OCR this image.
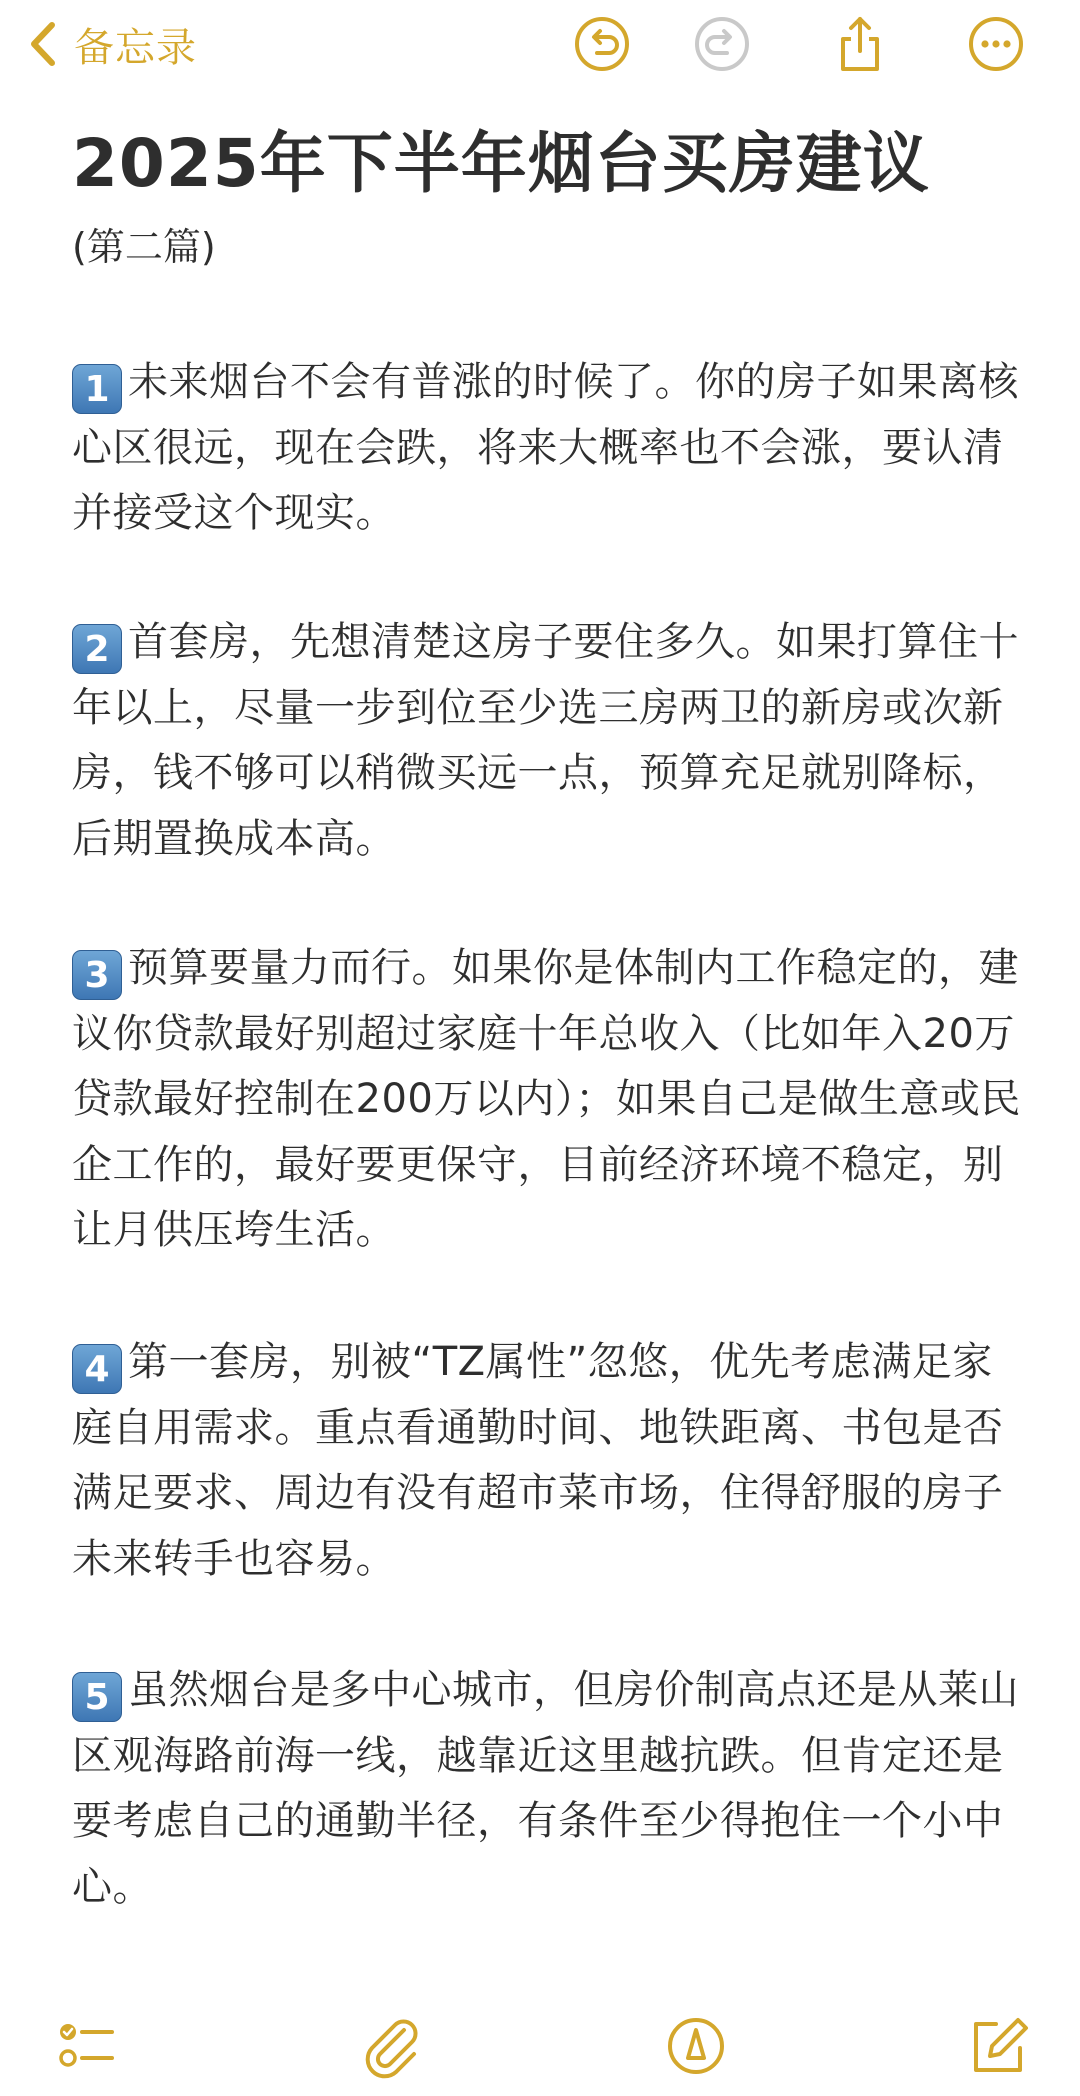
备忘录
2025年下半年烟台买房建议

(第二篇)

1 未来烟台不会有普涨的时候了。你的房子如果离核心区很远，现在会跌，将来大概率也不会涨，要认清并接受这个现实。

2 首套房，先想清楚这房子要住多久。如果打算住十年以上，尽量一步到位至少选三房两卫的新房或次新房，钱不够可以稍微买远一点，预算充足就别降标，后期置换成本高。

3 预算要量力而行。如果你是体制内工作稳定的，建议你贷款最好别超过家庭十年总收入（比如年入20万贷款最好控制在200万以内）；如果自己是做生意或民企工作的，最好要更保守，目前经济环境不稳定，别让月供压垮生活。

4 第一套房，别被“TZ属性”忽悠，优先考虑满足家庭自用需求。重点看通勤时间、地铁距离、书包是否满足要求、周边有没有超市菜市场，住得舒服的房子未来转手也容易。

5 虽然烟台是多中心城市，但房价制高点还是从莱山区观海路前海一线，越靠近这里越抗跌。但肯定还是要考虑自己的通勤半径，有条件至少得抱住一个小中心。
